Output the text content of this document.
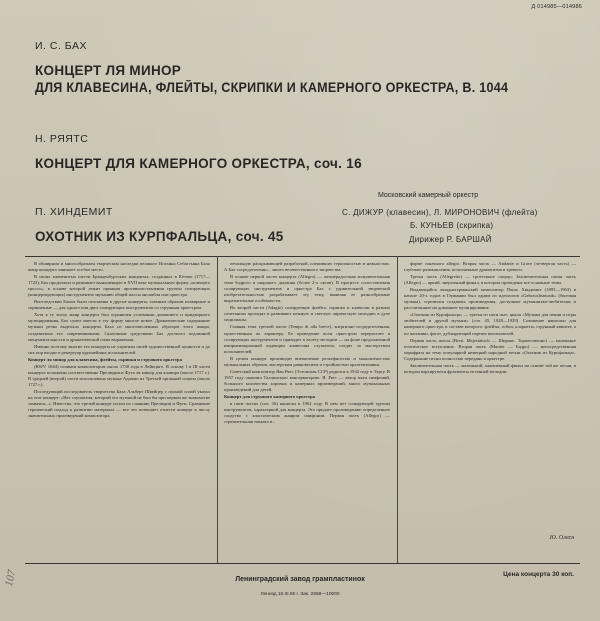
Д 014985—014986
И. С. БАХ
КОНЦЕРТ ЛЯ МИНОР
ДЛЯ КЛАВЕСИНА, ФЛЕЙТЫ, СКРИПКИ И КАМЕРНОГО ОРКЕСТРА, В. 1044
Н. РЯЯТС
КОНЦЕРТ ДЛЯ КАМЕРНОГО ОРКЕСТРА, соч. 16
П. ХИНДЕМИТ
ОХОТНИК ИЗ КУРПФАЛЬЦА, соч. 45
Московский камерный оркестр
С. ДИЖУР (клавесин), Л. МИРОНОВИЧ (флейта)
Б. КУНЬЕВ (скрипка)
Дирижер Р. БАРШАЙ

В обширном и многообразном творческом наследии великого Иоганна Себастьяна Баха жанр концерта занимает особое место.

В своих знаменитых шести Бранденбургских концертах, созданных в Кётене (1717—1723), Бах продолжил и развивает выношенную в XVII веке музыкальную форму «кончерто гроссо», в основе которой лежит принцип противопоставления группы солирующих (концертирующих) инструментов звучанию общей массы ансамбля или оркестра.

Впоследствии Бахом были положены в другие концерты, главным образом клавирные и скрипичные — для одного или двух солирующих инструментов со струнным оркестром.

Хотя к ту эпоху жанр концерта был ограничен условиями домашнего и придворного музицирования, Бах сумел внести в эту форму многое новое. Драматические содержание музыки резко выделяло концерты Баха из многочисленных образцов этого жанра, создаваемых его современниками. Сказочным средствами Бах достигал подлинной монументальности и драматической силы выражения.

Именно поэтому многие его концерты не утратили своей художественной ценности и до сих пор входят в репертуар крупнейших исполнителей.

Концерт ля минор для клавесина, флейты, скрипки и струнного оркестра

(BWV 1044) сочинен композитором около 1730 года в Лейпциге. В основу I и III части концерта положены соответственно Прелюдия и Фуга ля минор для клавира (около 1717 г.). В средней (второй) части использована музыка Адажио из Третьей органной сонаты (около 1727 г.).

Последующий исследователь творчества Баха Альберт Швейцер с полной силой указал на этот концерт: «Нет слушателя, который его музыкой не был бы при первом же знакомстве захвачен...». Известно, что третий концерт полон по слиянию Прелюдии и Фуги. Сравнение героический подход к развитию материала — все это позволяет отнести концерт к числу значительных произведений композитора.

печальную раскрывающей разработкой, пленивших героичностью и нежностью. А Бах сосредоточенно... много величественного творчества.

В основе первой части концерта (Allegro) — жизнерадостная монументальная тема бодрого и широкого дыхания (более 2-х октав). В процессе сопоставления солирующих инструментов и оркестра Бах с удивительной творческой изобретательностью разрабатывает эту тему, выявляя ее разнообразные выразительные особенности.

Во второй части (Adagio) солирующие флейта, скрипка и клавесин в разных сочетаниях проходят и развивают нежную и светлую лирическую мелодию в духе сицилианы.

Главная тема третьей части (Tempo di alla breve), энергично-сосредоточенная, мужественная по характеру. Ее проведение всем оркестром перерастает в солирующих инструментов и приводит к взлету мелодии — на фоне продолженной импровизационной каденции клавесина слушатель следит за мастерством исполнителей.

В целом концерт производит впечатление рельефностью и монолитностью музыкальных образов, мастерским равновесием и стройностью архитектоники.

Советский композитор Яан Рятс (Эстонская ССР) родился в 1932 году в Тарту. В 1957 году окончил Таллинскую консерваторию. Я. Рятс — автор пяти симфоний, большого количества хоровых и камерных произведений, много музыкальных произведений для детей.

Концерт для струнного камерного оркестра

в пяти частях (соч. 16) написан в 1962 году. В нем нет солирующей группы инструментов, характерной для концерта. Это придает произведению определенное сходство с классическим жанром симфонии. Первая часть (Allegro) — стремительная токката в...

форме сонатного allegro. Вторая часть — Andante и Grave (четвертая часть) — глубокие размышления, исполненные драматизма и тревоги.

Третья часть (Allegretto) — гротескное скерцо; Заключительная пятая часть (Allegro) — яркий, энергичный финал, в котором проведены все основные темы.

Выдающийся западногерманский композитор Пауль Хиндемит (1895—1963) в начале 20-х годов в Германии был одним из идеологов «Gebrauchsmusik» (бытовая музыка), стремился создавать произведения, доступные музыкантам-любителям и рассчитанные на домашнее музицирование.

«Охотник из Курпфальца» — третья из пяти пьес цикла «Музыка для пения и игры любителей и другой музыки» (соч. 45, 1928—1929). Сочинение написано для камерного оркестра, в составе которого: флейты, гобои, кларнеты, струнный квинтет, а по желанию, фагот, дублирующий партию виолончелей.

Первая часть пьесы (Breit. Majestätisch — Широко. Торжественно) — маленькое поэтическое вступление. Вторая часть (Munter — Бодро) — непосредственная парафраза на тему популярной немецкой народной песни «Охотник из Курпфальца». Содержание песни полностью передано в оркестре.

Заключительная часть — маленький, оживленный финал на основе той же песни, в котором варьируются фрагменты песенной мелодии.

Ю. Олеся
Цена концерта 30 коп.
Ленинградский завод грампластинок
Ленизд 10.III.65 г. Зак. 2658—10000
107
